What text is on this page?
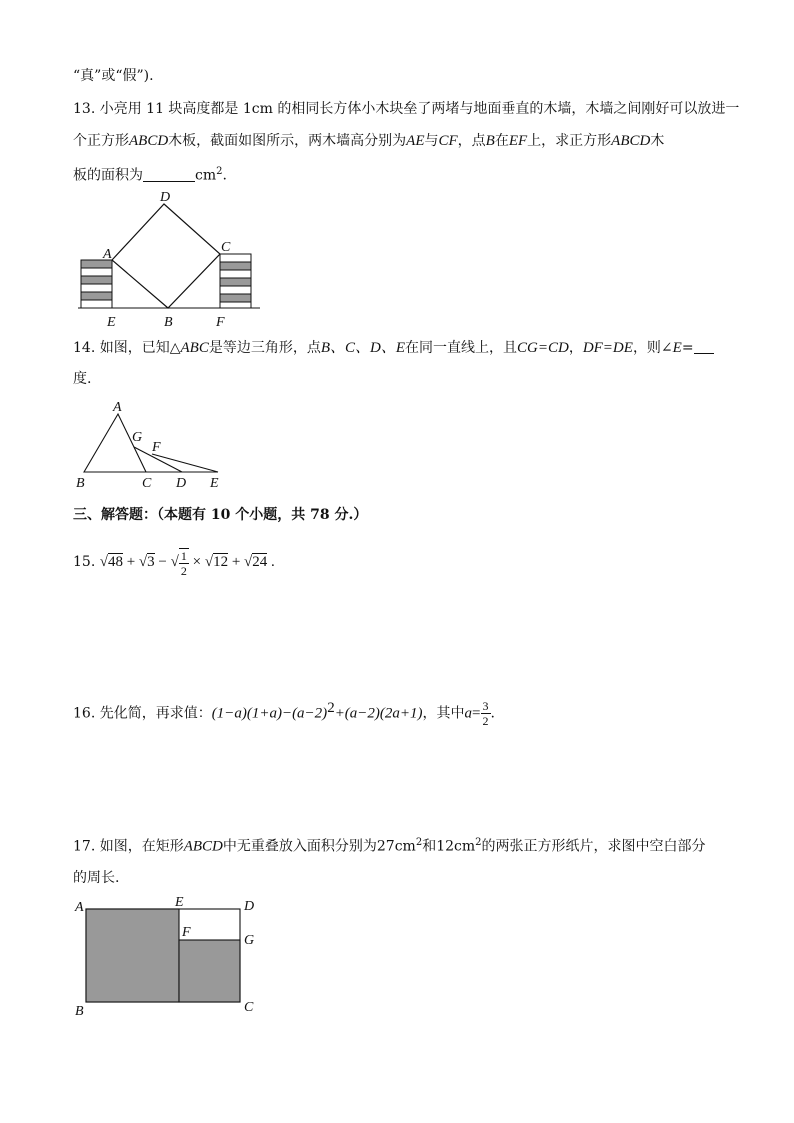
“真”或“假”).
13. 小亮用 11 块高度都是 1cm 的相同长方体小木块垒了两堵与地面垂直的木墙，木墙之间刚好可以放进一
个正方形ABCD木板，截面如图所示，两木墙高分别为AE与CF，点B在EF上，求正方形ABCD木
板的面积为	$cm^2$.
D
A	C
E	B	F
14. 如图，已知△ABC是等边三角形，点B、C、D、E在同一直线上，且CG=CD，DF=DE，则∠E=
度.
A
G
F
B	C D E
三、解答题：（本题有 10 个小题，共 78 分.）
15. √48 + √3 − √ $\frac{1}{2} \times √12 + √24$ .
16. 先化简，再求值：$(1-a)(1+a)-(a-2)^2+(a-2)(2a+1)$，其中$a= \frac{3}{2}$ .
17. 如图，在矩形ABCD中无重叠放入面积分别为$27cm^2$和$12cm^2$的两张正方形纸片，求图中空白部分
的周长.
A	E	D
F
G
B	C
